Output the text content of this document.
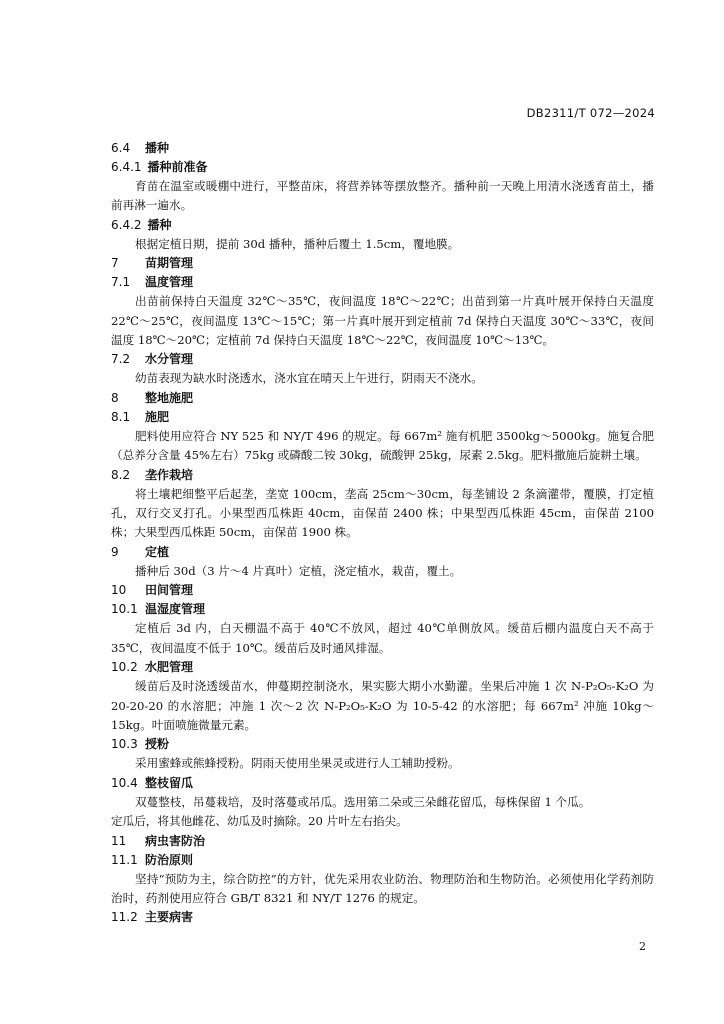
DB2311/T 072—2024
6.4 播种
6.4.1 播种前准备
育苗在温室或暖棚中进行，平整苗床，将营养钵等摆放整齐。播种前一天晚上用清水浇透育苗土，播前再淋一遍水。
6.4.2 播种
根据定植日期，提前 30d 播种，播种后覆土 1.5cm，覆地膜。
7 苗期管理
7.1 温度管理
出苗前保持白天温度 32℃～35℃，夜间温度 18℃～22℃；出苗到第一片真叶展开保持白天温度 22℃～25℃，夜间温度 13℃～15℃；第一片真叶展开到定植前 7d 保持白天温度 30℃～33℃，夜间温度 18℃～20℃；定植前 7d 保持白天温度 18℃～22℃，夜间温度 10℃～13℃。
7.2 水分管理
幼苗表现为缺水时浇透水，浇水宜在晴天上午进行，阴雨天不浇水。
8 整地施肥
8.1 施肥
肥料使用应符合 NY 525 和 NY/T 496 的规定。每 667m² 施有机肥 3500kg～5000kg。施复合肥（总养分含量 45%左右）75kg 或磷酸二铵 30kg，硫酸钾 25kg，尿素 2.5kg。肥料撒施后旋耕土壤。
8.2 垄作栽培
将土壤耙细整平后起垄，垄宽 100cm，垄高 25cm～30cm，每垄铺设 2 条滴灌带，覆膜，打定植孔，双行交叉打孔。小果型西瓜株距 40cm，亩保苗 2400 株；中果型西瓜株距 45cm，亩保苗 2100 株；大果型西瓜株距 50cm，亩保苗 1900 株。
9 定植
播种后 30d（3 片～4 片真叶）定植，浇定植水，栽苗，覆土。
10 田间管理
10.1 温湿度管理
定植后 3d 内，白天棚温不高于 40℃不放风，超过 40℃单侧放风。缓苗后棚内温度白天不高于 35℃，夜间温度不低于 10℃。缓苗后及时通风排湿。
10.2 水肥管理
缓苗后及时浇透缓苗水，伸蔓期控制浇水，果实膨大期小水勤灌。坐果后冲施 1 次 N-P₂O₅-K₂O 为 20-20-20 的水溶肥；冲施 1 次～2 次 N-P₂O₅-K₂O 为 10-5-42 的水溶肥；每 667m² 冲施 10kg～15kg。叶面喷施微量元素。
10.3 授粉
采用蜜蜂或熊蜂授粉。阴雨天使用坐果灵或进行人工辅助授粉。
10.4 整枝留瓜
双蔓整枝，吊蔓栽培，及时落蔓或吊瓜。选用第二朵或三朵雌花留瓜，每株保留 1 个瓜。
定瓜后，将其他雌花、幼瓜及时摘除。20 片叶左右掐尖。
11 病虫害防治
11.1 防治原则
坚持“预防为主，综合防控”的方针，优先采用农业防治、物理防治和生物防治。必须使用化学药剂防治时，药剂使用应符合 GB/T 8321 和 NY/T 1276 的规定。
11.2 主要病害
2
